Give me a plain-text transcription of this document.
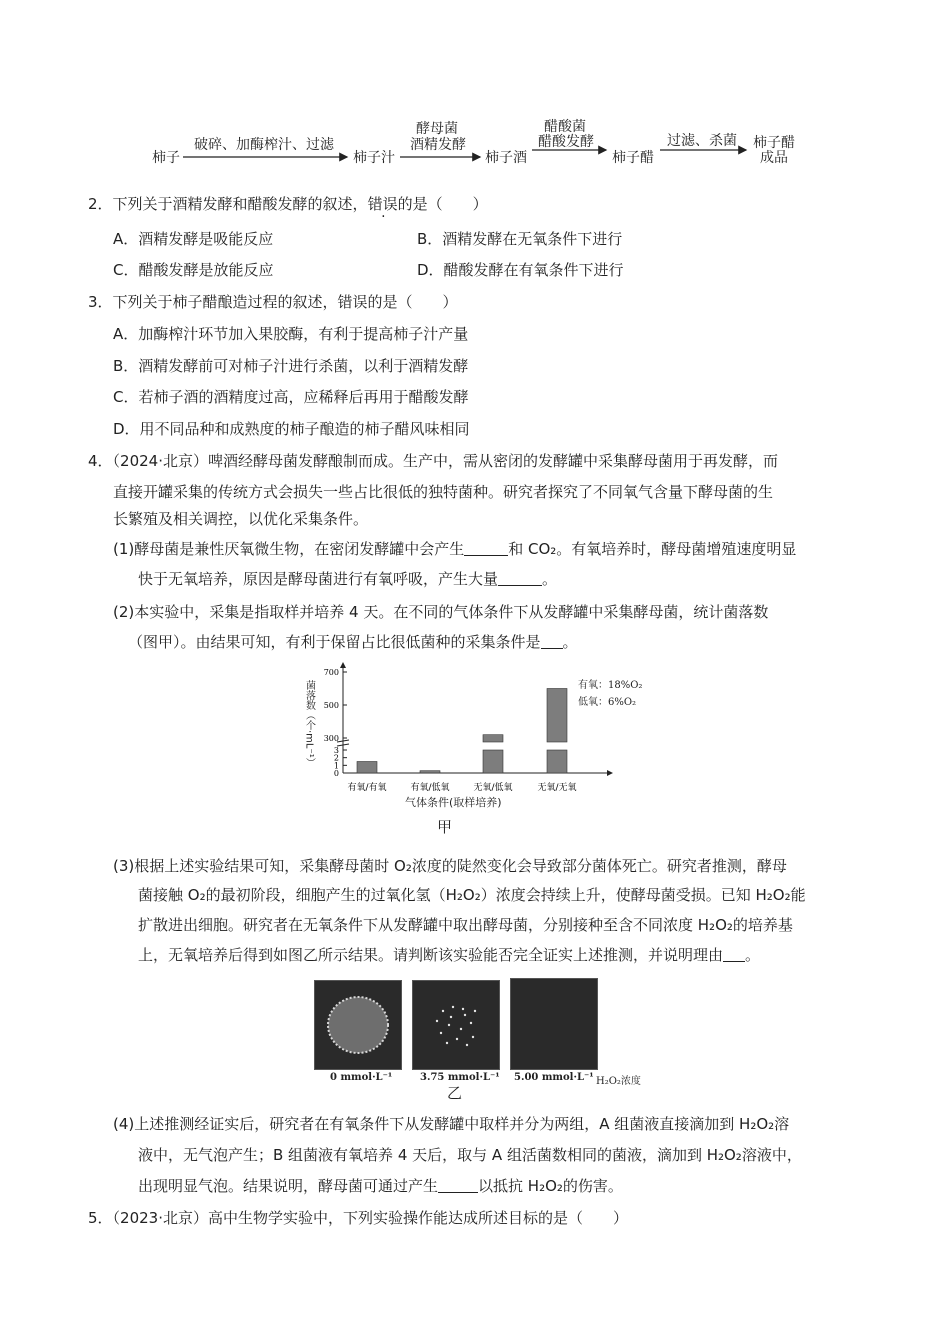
柿子
破碎、加酶榨汁、过滤
柿子汁
酵母菌
酒精发酵
柿子酒
醋酸菌
醋酸发酵
柿子醋
过滤、杀菌 柿子醋
成品
2．下列关于酒精发酵和醋酸发酵的叙述，错误的是（　　）
A．酒精发酵是吸能反应	B．酒精发酵在无氧条件下进行
C．醋酸发酵是放能反应	D．醋酸发酵在有氧条件下进行
3．下列关于柿子醋酿造过程的叙述，错误的是（　　）
A．加酶榨汁环节加入果胶酶，有利于提高柿子汁产量
B．酒精发酵前可对柿子汁进行杀菌，以利于酒精发酵
C．若柿子酒的酒精度过高，应稀释后再用于醋酸发酵
D．用不同品种和成熟度的柿子酿造的柿子醋风味相同
4．（2024·北京）啤酒经酵母菌发酵酿制而成。生产中，需从密闭的发酵罐中采集酵母菌用于再发酵，而
直接开罐采集的传统方式会损失一些占比很低的独特菌种。研究者探究了不同氧气含量下酵母菌的生
长繁殖及相关调控，以优化采集条件。
(1)酵母菌是兼性厌氧微生物，在密闭发酵罐中会产生	和 CO₂。有氧培养时，酵母菌增殖速度明显
快于无氧培养，原因是酵母菌进行有氧呼吸，产生大量	。
(2)本实验中，采集是指取样并培养 4 天。在不同的气体条件下从发酵罐中采集酵母菌，统计菌落数
（图甲）。由结果可知，有利于保留占比很低菌种的采集条件是 。
0
1
2
3
300
500
700
有氧/有氧	有氧/低氧	无氧/低氧	无氧/无氧
菌落数（个·mL⁻¹）	有氧：18%O₂
低氧：6%O₂
气体条件(取样培养)
甲
(3)根据上述实验结果可知，采集酵母菌时 O₂浓度的陡然变化会导致部分菌体死亡。研究者推测，酵母
菌接触 O₂的最初阶段，细胞产生的过氧化氢（H₂O₂）浓度会持续上升，使酵母菌受损。已知 H₂O₂能
扩散进出细胞。研究者在无氧条件下从发酵罐中取出酵母菌，分别接种至含不同浓度 H₂O₂的培养基
上，无氧培养后得到如图乙所示结果。请判断该实验能否完全证实上述推测，并说明理由 。
0 mmol·L⁻¹	3.75 mmol·L⁻¹ 5.00 mmol·L⁻¹ H₂O₂浓度
乙
(4)上述推测经证实后，研究者在有氧条件下从发酵罐中取样并分为两组，A 组菌液直接滴加到 H₂O₂溶
液中，无气泡产生；B 组菌液有氧培养 4 天后，取与 A 组活菌数相同的菌液，滴加到 H₂O₂溶液中，
出现明显气泡。结果说明，酵母菌可通过产生	以抵抗 H₂O₂的伤害。
5．（2023·北京）高中生物学实验中，下列实验操作能达成所述目标的是（　　）
